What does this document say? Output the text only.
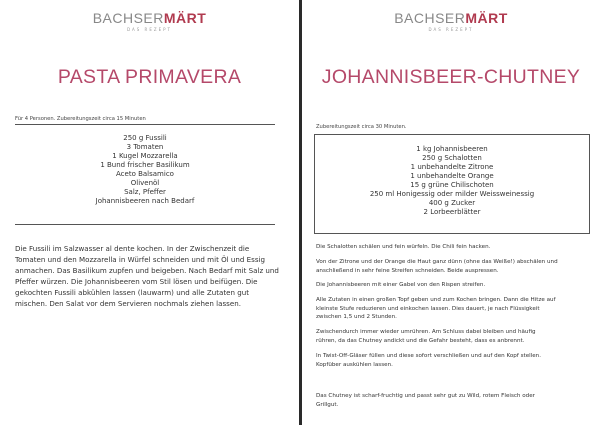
BACHSERMÄRT
DAS REZEPT
PASTA PRIMAVERA
Für 4 Personen. Zubereitungszeit circa 15 Minuten
250 g Fussili
3 Tomaten
1 Kugel Mozzarella
1 Bund frischer Basilikum
Aceto Balsamico
Olivenöl
Salz, Pfeffer
Johannisbeeren nach Bedarf
Die Fussili im Salzwasser al dente kochen. In der Zwischenzeit die
Tomaten und den Mozzarella in Würfel schneiden und mit Öl und Essig
anmachen. Das Basilikum zupfen und beigeben. Nach Bedarf mit Salz und
Pfeffer würzen. Die Johannisbeeren vom Stil lösen und beifügen. Die
gekochten Fussili abkühlen lassen (lauwarm) und alle Zutaten gut
mischen. Den Salat vor dem Servieren nochmals ziehen lassen.
BACHSERMÄRT
DAS REZEPT
JOHANNISBEER-CHUTNEY
Zubereitungszeit circa 30 Minuten.
1 kg Johannisbeeren
250 g Schalotten
1 unbehandelte Zitrone
1 unbehandelte Orange
15 g grüne Chilischoten
250 ml Honigessig oder milder Weissweinessig
400 g Zucker
2 Lorbeerblätter
Die Schalotten schälen und fein würfeln. Die Chili fein hacken.
Von der Zitrone und der Orange die Haut ganz dünn (ohne das Weiße!) abschälen und
anschließend in sehr feine Streifen schneiden. Beide auspressen.
Die Johannisbeeren mit einer Gabel von den Rispen streifen.
Alle Zutaten in einen großen Topf geben und zum Kochen bringen. Dann die Hitze auf
kleinste Stufe reduzieren und einkochen lassen. Dies dauert, je nach Flüssigkeit
zwischen 1,5 und 2 Stunden.
Zwischendurch immer wieder umrühren. Am Schluss dabei bleiben und häufig
rühren, da das Chutney andickt und die Gefahr besteht, dass es anbrennt.
In Twist-Off-Gläser füllen und diese sofort verschließen und auf den Kopf stellen.
Kopfüber auskühlen lassen.
Das Chutney ist scharf-fruchtig und passt sehr gut zu Wild, rotem Fleisch oder
Grillgut.
